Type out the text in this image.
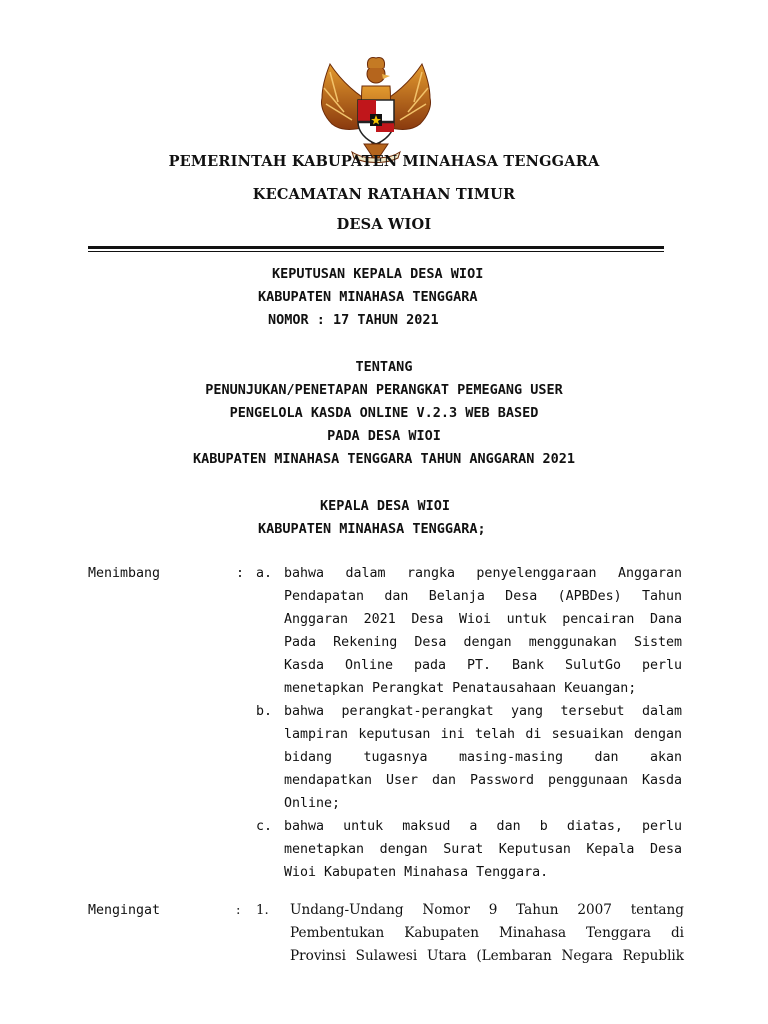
PEMERINTAH KABUPATEN MINAHASA TENGGARA
KECAMATAN RATAHAN TIMUR
DESA WIOI
KEPUTUSAN KEPALA DESA WIOI
KABUPATEN MINAHASA TENGGARA
NOMOR : 17 TAHUN 2021
TENTANG
PENUNJUKAN/PENETAPAN PERANGKAT PEMEGANG USER
PENGELOLA KASDA ONLINE V.2.3 WEB BASED
PADA DESA WIOI
KABUPATEN MINAHASA TENGGARA TAHUN ANGGARAN 2021
KEPALA DESA WIOI
KABUPATEN MINAHASA TENGGARA;
Menimbang	: a. bahwa dalam rangka penyelenggaraan Anggaran
Pendapatan dan Belanja Desa (APBDes) Tahun
Anggaran 2021 Desa Wioi untuk pencairan Dana
Pada Rekening Desa dengan menggunakan Sistem
Kasda Online pada PT. Bank SulutGo perlu
menetapkan Perangkat Penatausahaan Keuangan;
b. bahwa perangkat-perangkat yang tersebut dalam
lampiran keputusan ini telah di sesuaikan dengan
bidang tugasnya masing-masing dan akan
mendapatkan User dan Password penggunaan Kasda
Online;
c. bahwa untuk maksud a dan b diatas, perlu
menetapkan dengan Surat Keputusan Kepala Desa
Wioi Kabupaten Minahasa Tenggara.
Mengingat	: 1. Undang-Undang Nomor 9 Tahun 2007 tentang
Pembentukan Kabupaten Minahasa Tenggara di
Provinsi Sulawesi Utara (Lembaran Negara Republik
